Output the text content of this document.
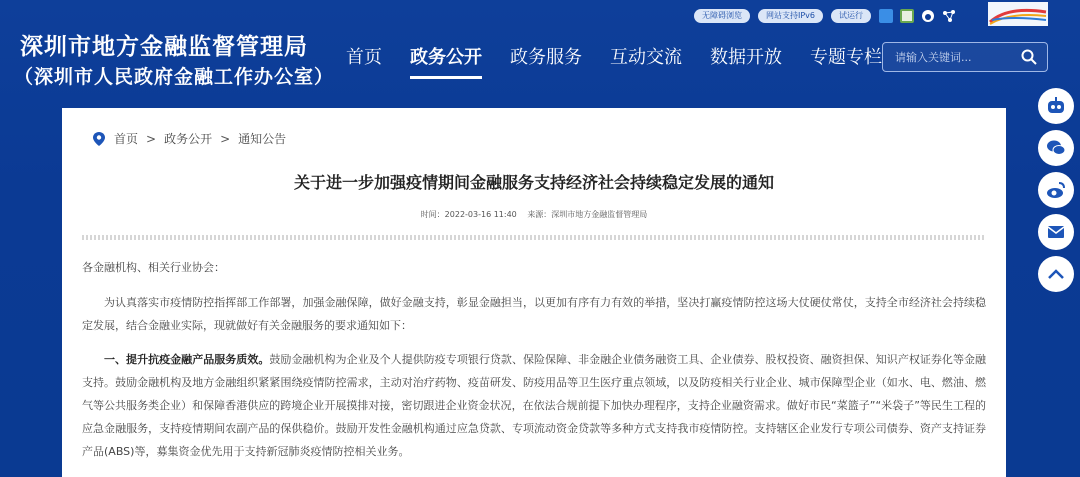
深圳市地方金融监督管理局
（深圳市人民政府金融工作办公室）
无障碍浏览	网站支持IPv6	试运行
首页	政务公开	政务服务	互动交流	数据开放	专题专栏
请输入关键词...
首页 > 政务公开 > 通知公告
关于进一步加强疫情期间金融服务支持经济社会持续稳定发展的通知
时间：2022-03-16 11:40 来源：深圳市地方金融监督管理局
各金融机构、相关行业协会：
为认真落实市疫情防控指挥部工作部署，加强金融保障，做好金融支持，彰显金融担当，以更加有序有力有效的举措，坚决打赢疫情防控这场大仗硬仗常仗，支持全市经济社会持续稳定发展，结合金融业实际，现就做好有关金融服务的要求通知如下：
一、提升抗疫金融产品服务质效。鼓励金融机构为企业及个人提供防疫专项银行贷款、保险保障、非金融企业债务融资工具、企业债券、股权投资、融资担保、知识产权证券化等金融支持。鼓励金融机构及地方金融组织紧紧围绕疫情防控需求，主动对治疗药物、疫苗研发、防疫用品等卫生医疗重点领域，以及防疫相关行业企业、城市保障型企业（如水、电、燃油、燃气等公共服务类企业）和保障香港供应的跨境企业开展摸排对接，密切跟进企业资金状况，在依法合规前提下加快办理程序，支持企业融资需求。做好市民“菜篮子”“米袋子”等民生工程的应急金融服务，支持疫情期间农副产品的保供稳价。鼓励开发性金融机构通过应急贷款、专项流动资金贷款等多种方式支持我市疫情防控。支持辖区企业发行专项公司债券、资产支持证券产品(ABS)等，募集资金优先用于支持新冠肺炎疫情防控相关业务。
